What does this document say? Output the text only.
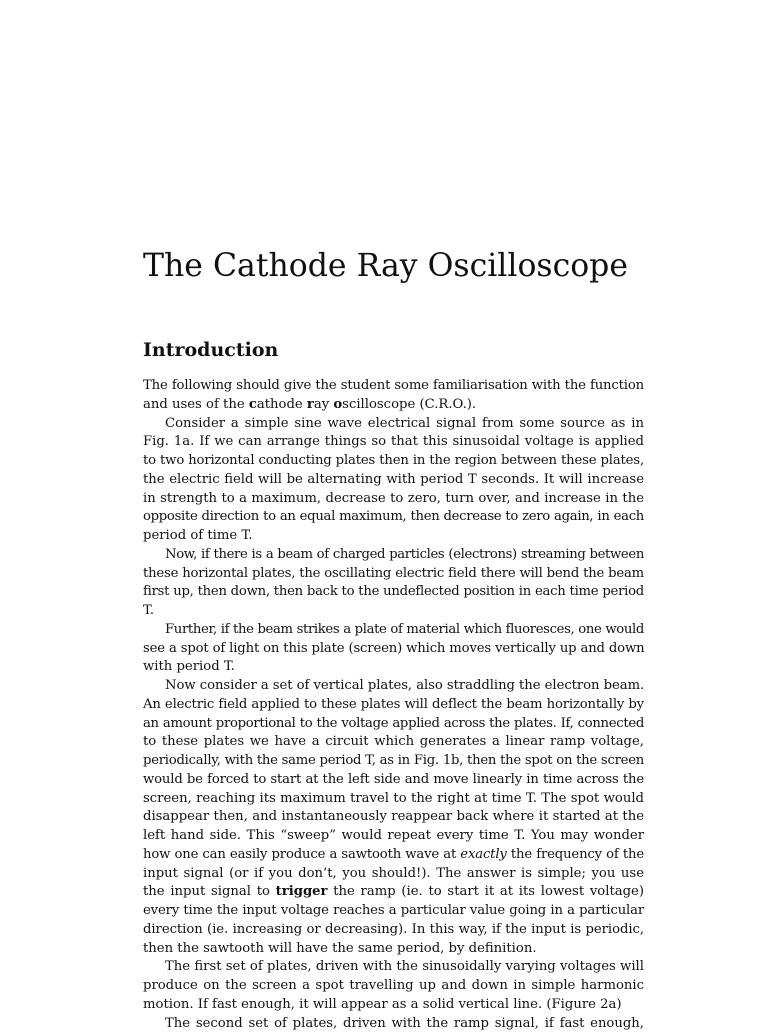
The Cathode Ray Oscilloscope
Introduction
The following should give the student some familiarisation with the function
and uses of the cathode ray oscilloscope (C.R.O.).
Consider a simple sine wave electrical signal from some source as in
Fig. 1a. If we can arrange things so that this sinusoidal voltage is applied
to two horizontal conducting plates then in the region between these plates,
the electric field will be alternating with period T seconds. It will increase
in strength to a maximum, decrease to zero, turn over, and increase in the
opposite direction to an equal maximum, then decrease to zero again, in each
period of time T.
Now, if there is a beam of charged particles (electrons) streaming between
these horizontal plates, the oscillating electric field there will bend the beam
first up, then down, then back to the undeflected position in each time period
T.
Further, if the beam strikes a plate of material which fluoresces, one would
see a spot of light on this plate (screen) which moves vertically up and down
with period T.
Now consider a set of vertical plates, also straddling the electron beam.
An electric field applied to these plates will deflect the beam horizontally by
an amount proportional to the voltage applied across the plates. If, connected
to these plates we have a circuit which generates a linear ramp voltage,
periodically, with the same period T, as in Fig. 1b, then the spot on the screen
would be forced to start at the left side and move linearly in time across the
screen, reaching its maximum travel to the right at time T. The spot would
disappear then, and instantaneously reappear back where it started at the
left hand side. This “sweep” would repeat every time T. You may wonder
how one can easily produce a sawtooth wave at exactly the frequency of the
input signal (or if you don’t, you should!). The answer is simple; you use
the input signal to trigger the ramp (ie. to start it at its lowest voltage)
every time the input voltage reaches a particular value going in a particular
direction (ie. increasing or decreasing). In this way, if the input is periodic,
then the sawtooth will have the same period, by definition.
The first set of plates, driven with the sinusoidally varying voltages will
produce on the screen a spot travelling up and down in simple harmonic
motion. If fast enough, it will appear as a solid vertical line. (Figure 2a)
The second set of plates, driven with the ramp signal, if fast enough,
